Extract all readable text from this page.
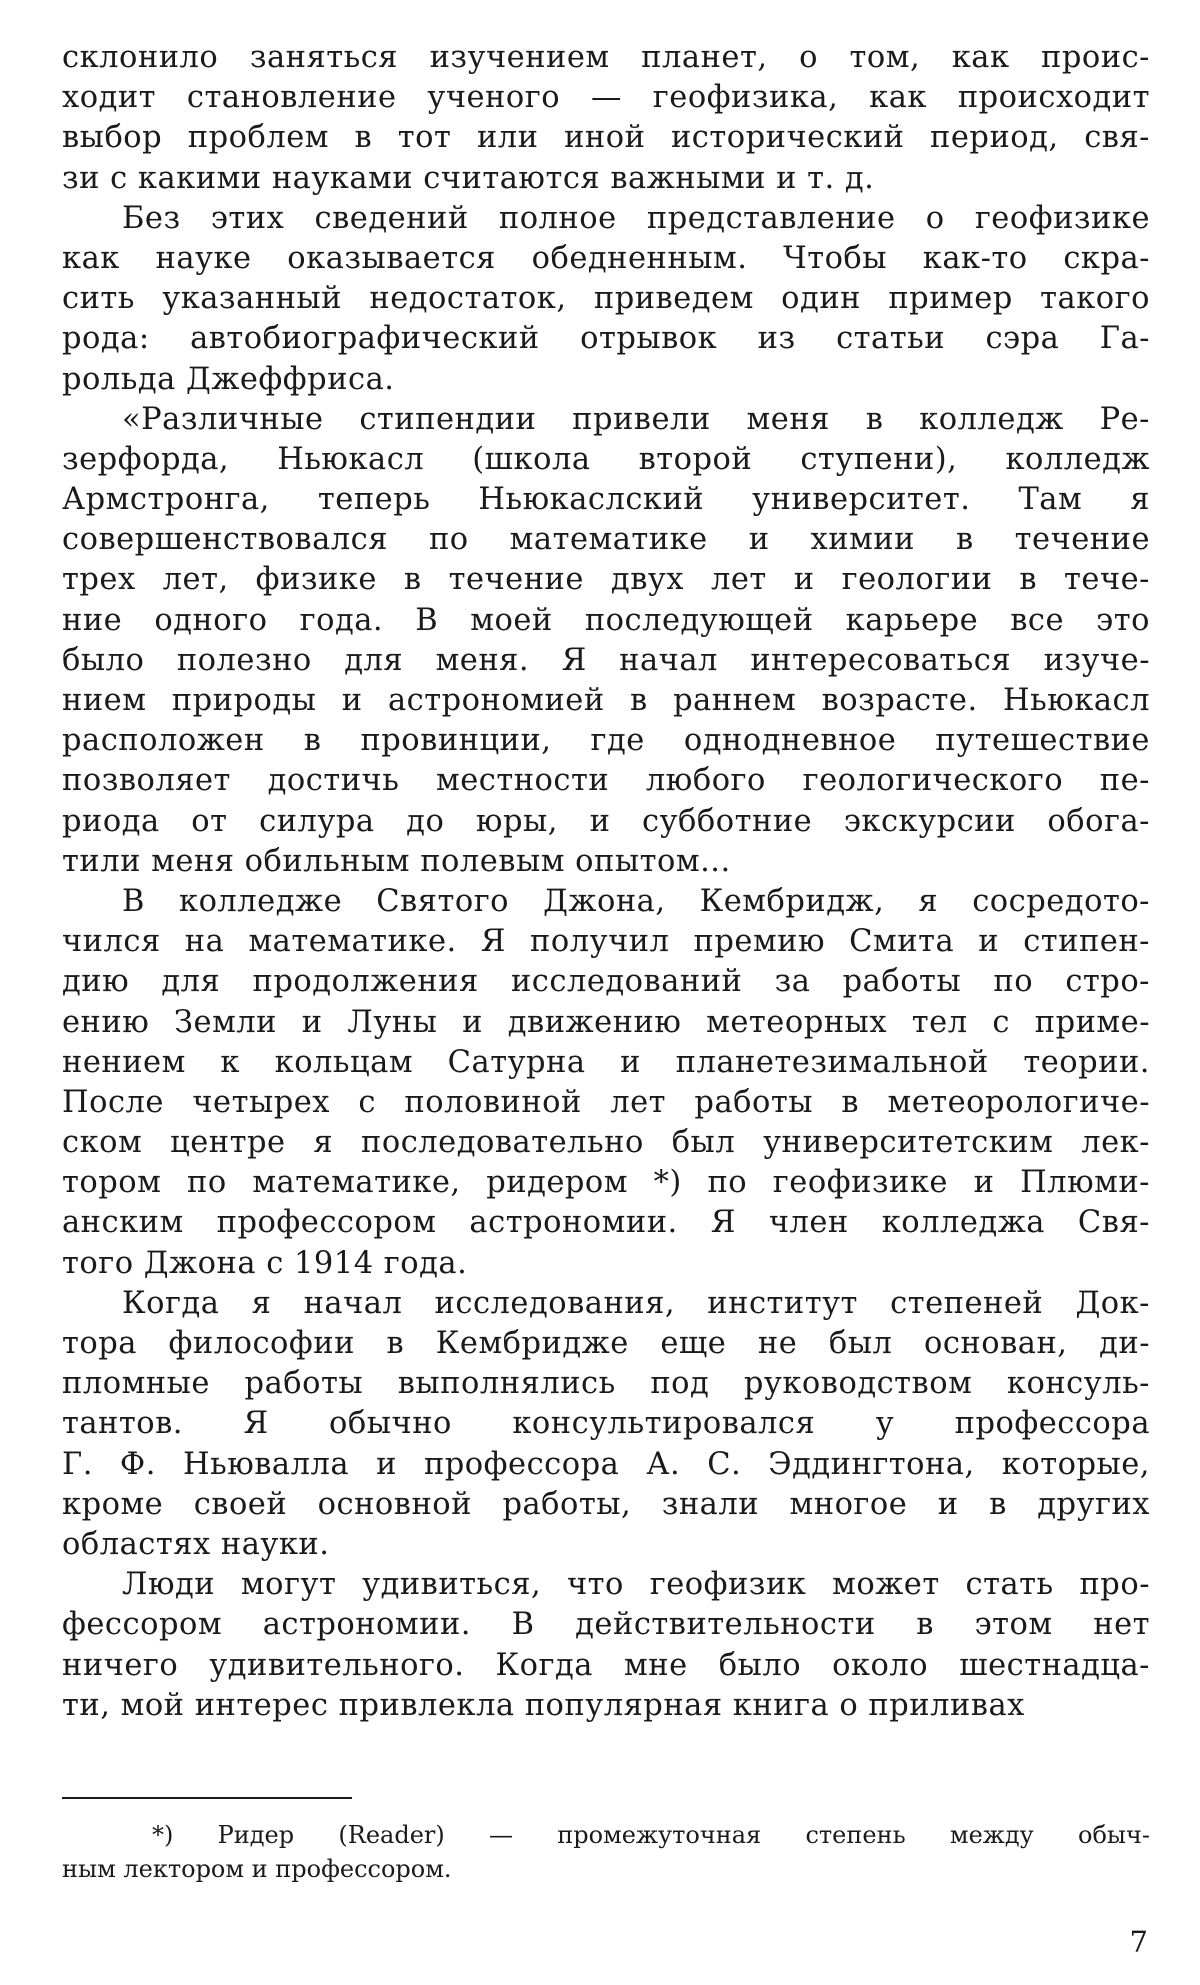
склонило заняться изучением планет, о том, как проис-
ходит становление ученого — геофизика, как происходит
выбор проблем в тот или иной исторический период, свя-
зи с какими науками считаются важными и т. д.

Без этих сведений полное представление о геофизике
как науке оказывается обедненным. Чтобы как-то скра-
сить указанный недостаток, приведем один пример такого
рода: автобиографический отрывок из статьи сэра Га-
рольда Джеффриса.

«Различные стипендии привели меня в колледж Ре-
зерфорда, Ньюкасл (школа второй ступени), колледж
Армстронга, теперь Ньюкаслский университет. Там я
совершенствовался по математике и химии в течение
трех лет, физике в течение двух лет и геологии в тече-
ние одного года. В моей последующей карьере все это
было полезно для меня. Я начал интересоваться изуче-
нием природы и астрономией в раннем возрасте. Ньюкасл
расположен в провинции, где однодневное путешествие
позволяет достичь местности любого геологического пе-
риода от силура до юры, и субботние экскурсии обога-
тили меня обильным полевым опытом...

В колледже Святого Джона, Кембридж, я сосредото-
чился на математике. Я получил премию Смита и стипен-
дию для продолжения исследований за работы по стро-
ению Земли и Луны и движению метеорных тел с приме-
нением к кольцам Сатурна и планетезимальной теории.
После четырех с половиной лет работы в метеорологиче-
ском центре я последовательно был университетским лек-
тором по математике, ридером *) по геофизике и Плюми-
анским профессором астрономии. Я член колледжа Свя-
того Джона с 1914 года.

Когда я начал исследования, институт степеней Док-
тора философии в Кембридже еще не был основан, ди-
пломные работы выполнялись под руководством консуль-
тантов. Я обычно консультировался у профессора
Г. Ф. Ньювалла и профессора А. С. Эддингтона, которые,
кроме своей основной работы, знали многое и в других
областях науки.

Люди могут удивиться, что геофизик может стать про-
фессором астрономии. В действительности в этом нет
ничего удивительного. Когда мне было около шестнадца-
ти, мой интерес привлекла популярная книга о приливах

*) Ридер (Reader) — промежуточная степень между обыч-
ным лектором и профессором.
7
